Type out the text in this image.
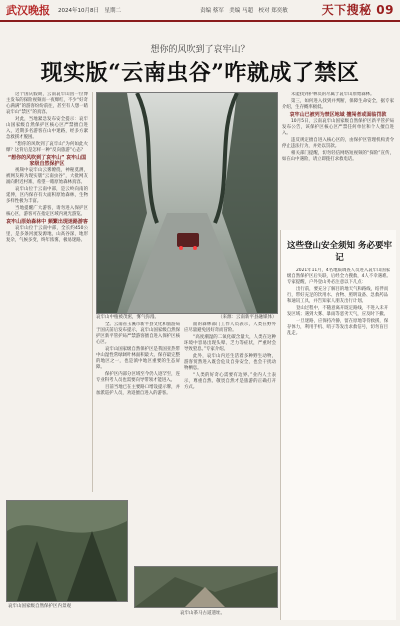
武汉晚报 2024年10月8日　星期二	责编 蔡军　美编 马超　校对 郑奕敏	天下搜秘 09
想你的风吹到了哀牢山？
现实版“云南虫谷”咋就成了禁区

这个国庆假期，云南哀牢山因一位博主发布的探险视频而一夜爆红，不少“好奇心满满”的游客纷纷前往，甚至有人想一睹哀牢山“禁区”的真容。

对此，当地紧急发布安全提示：哀牢山国家级自然保护区核心区严禁擅自进入，近期多名游客在山中迷路，经多方紧急救援才脱困。

“想你的风吹到了哀牢山”为何如此火爆？这背后是怎样一种“反向旅游”心态？

“想你的风吹到了哀牢山” 哀牢山国家级自然保护区

视频中哀牢山云雾缭绕，神秘莫测，被网友称为现实版“云南虫谷”，大批网友涌向附近村寨，希望一睹原始森林真容。

哀牢山位于云南中部，是云岭向南的延伸，区内保存有大面积原始森林，生物多样性极为丰富。

当地提醒广大游客，请勿进入保护区核心区，游客可在指定区域内观光游览。

哀牢山原始森林中 频繁出现迷路游客

哀牢山位于云南中部，全长约450公里，是多条河流发源地，山高谷深，地形复杂，气候多变，终年浓雾，极易迷路。

哀牢山中植被茂密，雾气弥漫。	（来源：云南新平县融媒体）

全。云南省玉溪市新平县文化和旅游局于国庆前后发布提示，哀牢山国家级自然保护区新平管护局严禁游客擅自进入保护区核心区。

哀牢山国家级自然保护区是我国亚热带中山湿性常绿阔叶林面积最大、保存最完整的地区之一，也是滇中地区重要的生态屏障。

保护区内部分区域至今仍人迹罕至，连专业科考人员也需要向导带领才能进入。

目前当地已在主要路口增设提示牌，并加派巡护人员，劝返擅自进入的游客。

面的森林部门工作人员表示，人类在野外应尽量避免因好奇而冒险。

“高度潮湿的二氧化碳含量大，人类在这种环境中容易出现头晕、乏力等症状，严重时会导致窒息。”专家介绍。

此外，哀牢山内还生活着多种野生动物，游客贸然进入既会危及自身安全，也会干扰动物栖息。

“人类的好奇心需要有边界。”业内人士表示，尊重自然、敬畏自然才是旅游的正确打开方式。

未能找到护林员的尽属于哀牢山原始森林。

第三，如何进入找到并判断，保障生命安全，据专家介绍，生存概率极低。

哀牢山已被列为禁区地域 擅闯者或面临罚款

10月5日，云南哀牢山国家级自然保护区新平管护局发布公告，该保护区核心区严禁任何单位和个人擅自进入。

违反规定擅自进入核心区的，由保护区管理机构责令停止违法行为，并处以罚款。

相关部门提醒，切勿轻信网络短视频的“探险”宣传，如在山中遇险，请立即拨打求救电话。

哀牢山国家级自然保护区内景观
哀牢山茶马古道遗址。
这些登山安全须知 务必要牢记

2021年11月，4名地质调查人员进入哀牢山国家级自然保护区后失联，后经全力搜救，4人不幸遇难。专家提醒，户外登山务必注意以下几点：

出行前，要充分了解目的地天气和路线，结伴而行，带好充足的饮用水、食物、照明设备、急救药品和通讯工具，并告知家人朋友出行计划。

登山过程中，不随意离开既定路线，不进入未开发区域；遇到大雾、暴雨等恶劣天气，应及时下撤。

一旦迷路，应保持冷静，留在原地等待救援，保存体力，利用手机、哨子等发出求救信号，切勿盲目乱走。
